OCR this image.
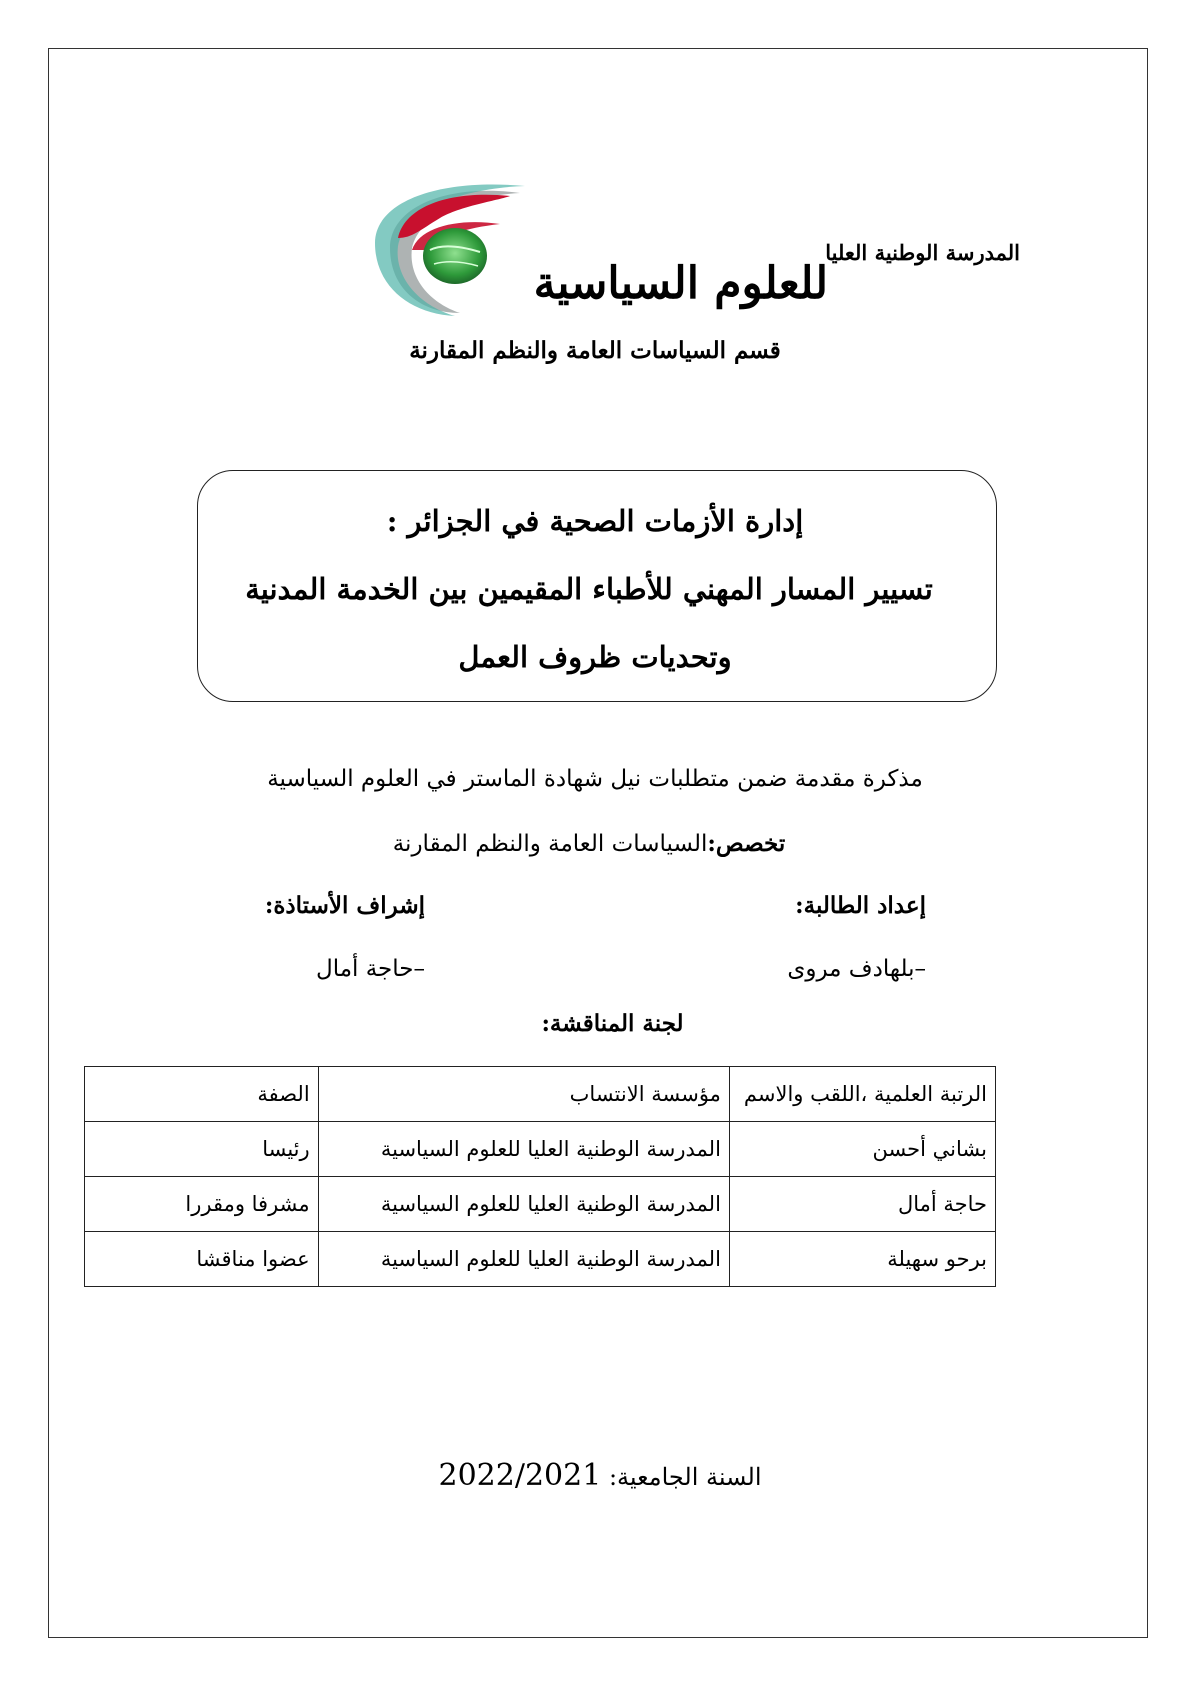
المدرسة الوطنية العليا
للعلوم السياسية
قسم السياسات العامة والنظم المقارنة
إدارة الأزمات الصحية في الجزائر :
تسيير المسار المهني للأطباء المقيمين بين الخدمة المدنية
وتحديات ظروف العمل
مذكرة مقدمة ضمن متطلبات نيل شهادة الماستر في العلوم السياسية
تخصص:السياسات العامة والنظم المقارنة
إعداد الطالبة:
إشراف الأستاذة:
–بلهادف مروى
–حاجة أمال
لجنة المناقشة:
الرتبة العلمية ،اللقب والاسم	مؤسسة الانتساب	الصفة
بشاني أحسن	المدرسة الوطنية العليا للعلوم السياسية	رئيسا
حاجة أمال	المدرسة الوطنية العليا للعلوم السياسية	مشرفا ومقررا
برحو سهيلة	المدرسة الوطنية العليا للعلوم السياسية	عضوا مناقشا
السنة الجامعية: 2022/2021
